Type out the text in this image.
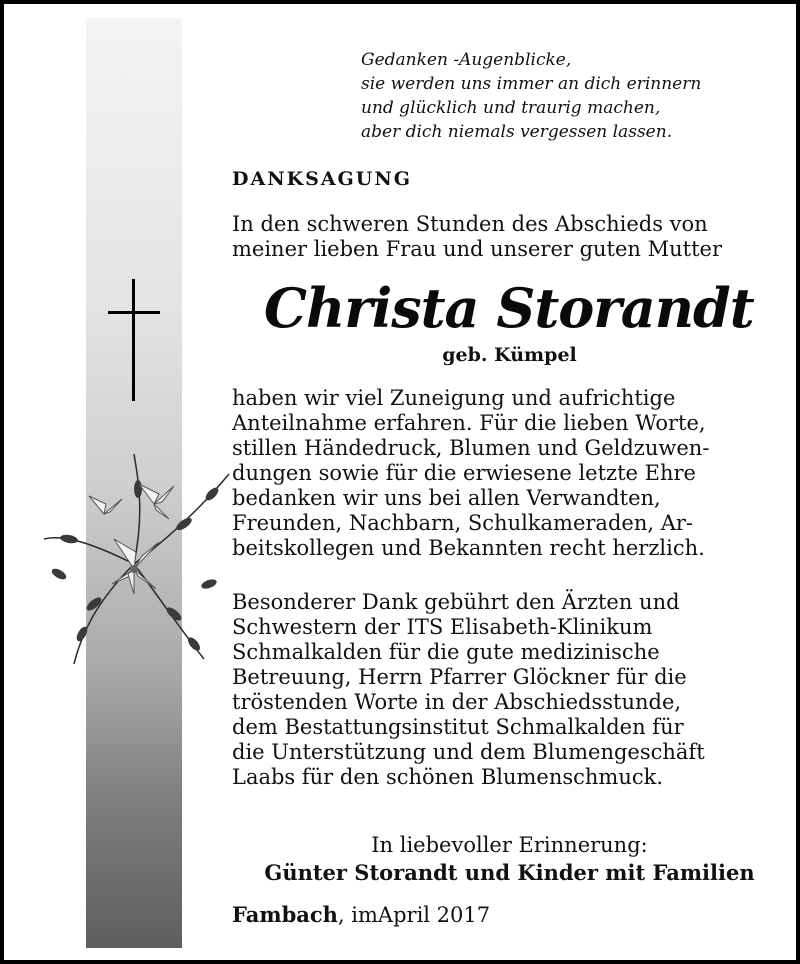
Gedanken -Augenblicke,
sie werden uns immer an dich erinnern
und glücklich und traurig machen,
aber dich niemals vergessen lassen.
DANKSAGUNG
In den schweren Stunden des Abschieds von
meiner lieben Frau und unserer guten Mutter
Christa Storandt
geb. Kümpel
haben wir viel Zuneigung und aufrichtige
Anteilnahme erfahren. Für die lieben Worte,
stillen Händedruck, Blumen und Geldzuwen-
dungen sowie für die erwiesene letzte Ehre
bedanken wir uns bei allen Verwandten,
Freunden, Nachbarn, Schulkameraden, Ar-
beitskollegen und Bekannten recht herzlich.
Besonderer Dank gebührt den Ärzten und
Schwestern der ITS Elisabeth-Klinikum
Schmalkalden für die gute medizinische
Betreuung, Herrn Pfarrer Glöckner für die
tröstenden Worte in der Abschiedsstunde,
dem Bestattungsinstitut Schmalkalden für
die Unterstützung und dem Blumengeschäft
Laabs für den schönen Blumenschmuck.
In liebevoller Erinnerung:
Günter Storandt und Kinder mit Familien
Fambach, imApril 2017
